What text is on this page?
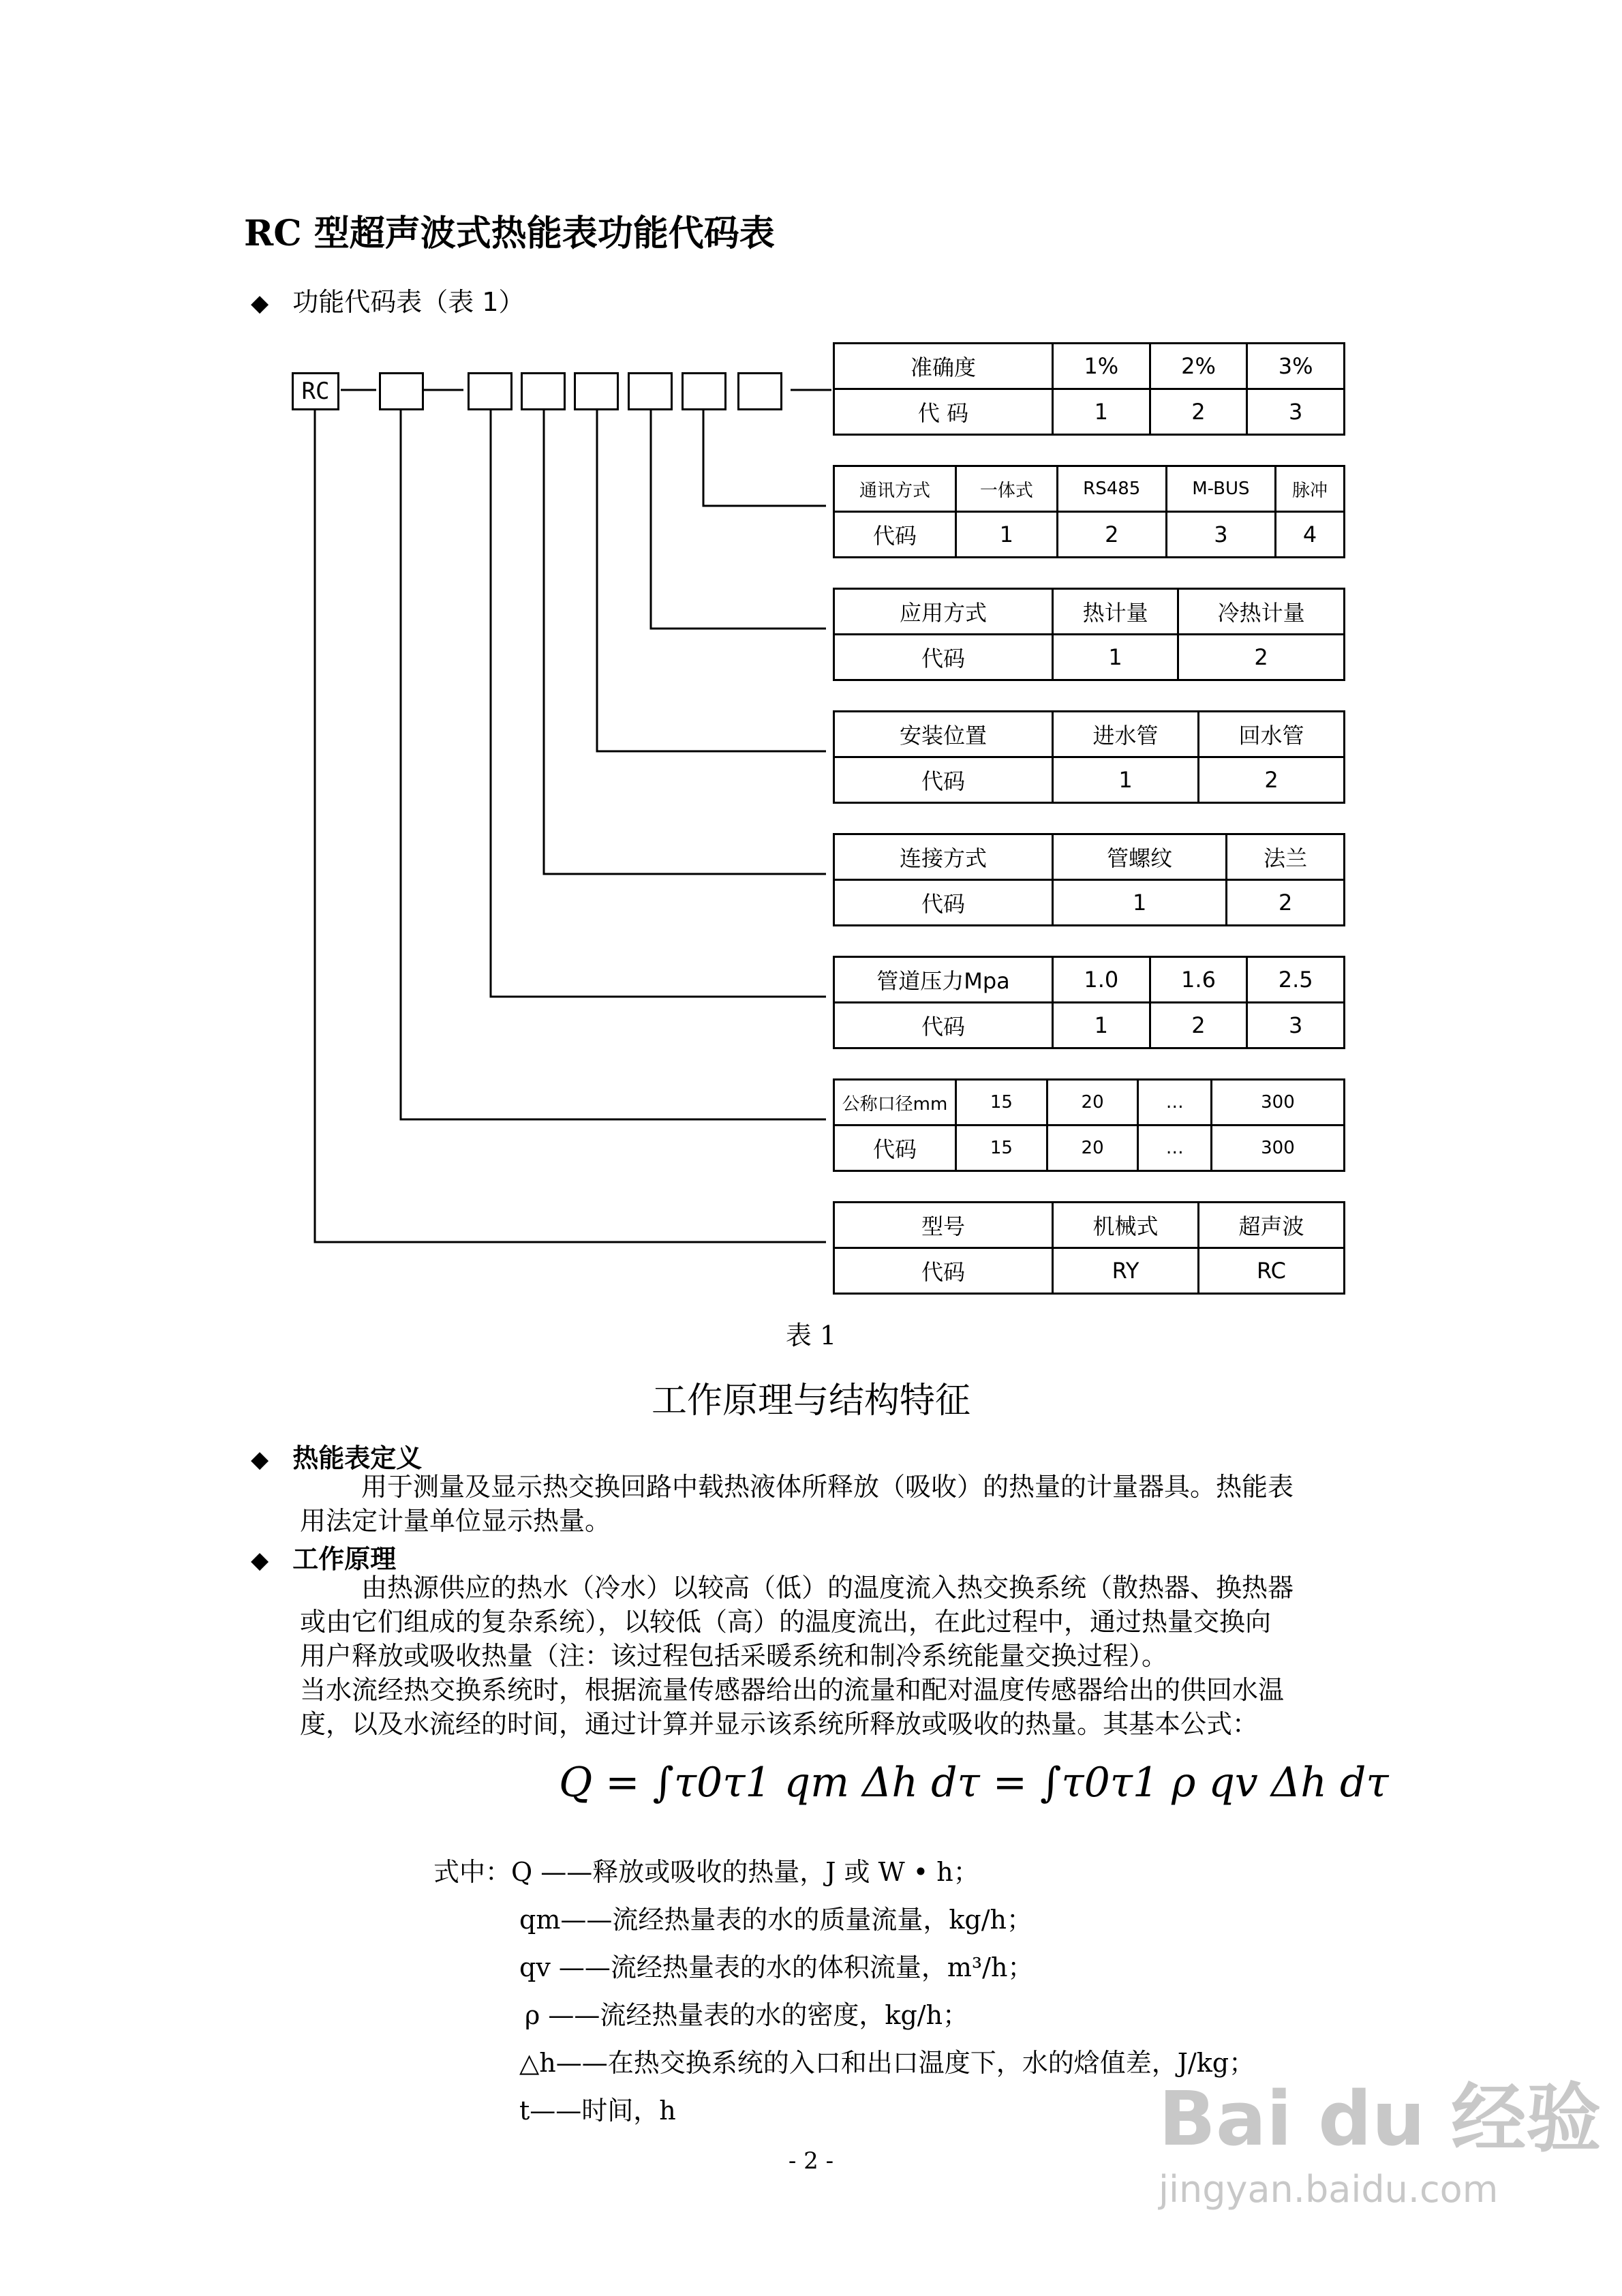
RC 型超声波式热能表功能代码表
◆ 功能代码表（表 1）
RC
准确度	1%	2%	3%
代 码	1	2	3
通讯方式	一体式	RS485	M-BUS	脉冲
代码	1	2	3	4
应用方式	热计量	冷热计量
代码	1	2
安装位置	进水管	回水管
代码	1	2
连接方式	管螺纹	法兰
代码	1	2
管道压力Mpa	1.0	1.6	2.5
代码	1	2	3
公称口径mm	15	20	…	300
代码	15	20	…	300
型号	机械式	超声波
代码	RY	RC
表 1
工作原理与结构特征
◆ 热能表定义
用于测量及显示热交换回路中载热液体所释放（吸收）的热量的计量器具。热能表
用法定计量单位显示热量。
◆ 工作原理
由热源供应的热水（冷水）以较高（低）的温度流入热交换系统（散热器、换热器
或由它们组成的复杂系统），以较低（高）的温度流出，在此过程中，通过热量交换向
用户释放或吸收热量（注：该过程包括采暖系统和制冷系统能量交换过程）。
当水流经热交换系统时，根据流量传感器给出的流量和配对温度传感器给出的供回水温
度，以及水流经的时间，通过计算并显示该系统所释放或吸收的热量。其基本公式：
Q = ∫τ0τ1 qm Δh dτ = ∫τ0τ1 ρ qv Δh dτ
式中：Q ——释放或吸收的热量，J 或 W • h；
qm——流经热量表的水的质量流量，kg/h；
qv ——流经热量表的水的体积流量，m³/h；
ρ ——流经热量表的水的密度，kg/h；
△h——在热交换系统的入口和出口温度下，水的焓值差，J/kg；
t——时间，h
- 2 -	Bai du 经验
jingyan.baidu.com
